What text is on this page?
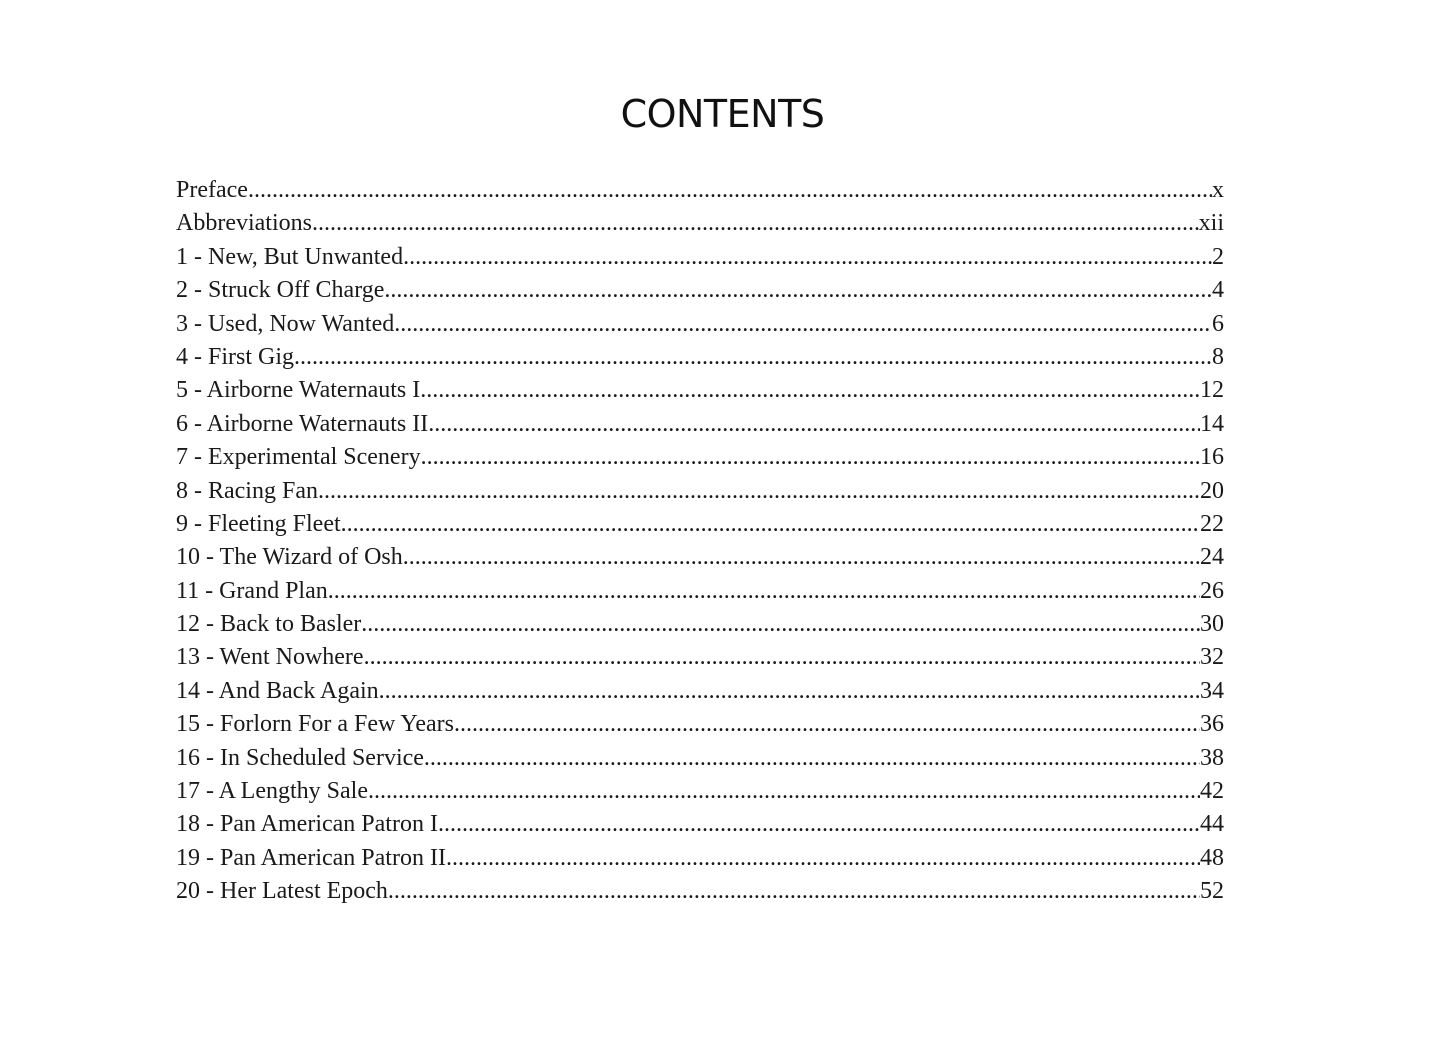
CONTENTS
Preface .....	x
Abbreviations .....	xii
1 - New, But Unwanted .....	2
2 - Struck Off Charge .....	4
3 - Used, Now Wanted .....	6
4 - First Gig .....	8
5 - Airborne Waternauts I .....	12
6 - Airborne Waternauts II .....	14
7 - Experimental Scenery .....	16
8 - Racing Fan .....	20
9 - Fleeting Fleet .....	22
10 - The Wizard of Osh .....	24
11 - Grand Plan .....	26
12 - Back to Basler .....	30
13 - Went Nowhere .....	32
14 - And Back Again .....	34
15 - Forlorn For a Few Years .....	36
16 - In Scheduled Service .....	38
17 - A Lengthy Sale .....	42
18 - Pan American Patron I .....	44
19 - Pan American Patron II .....	48
20 - Her Latest Epoch .....	52
